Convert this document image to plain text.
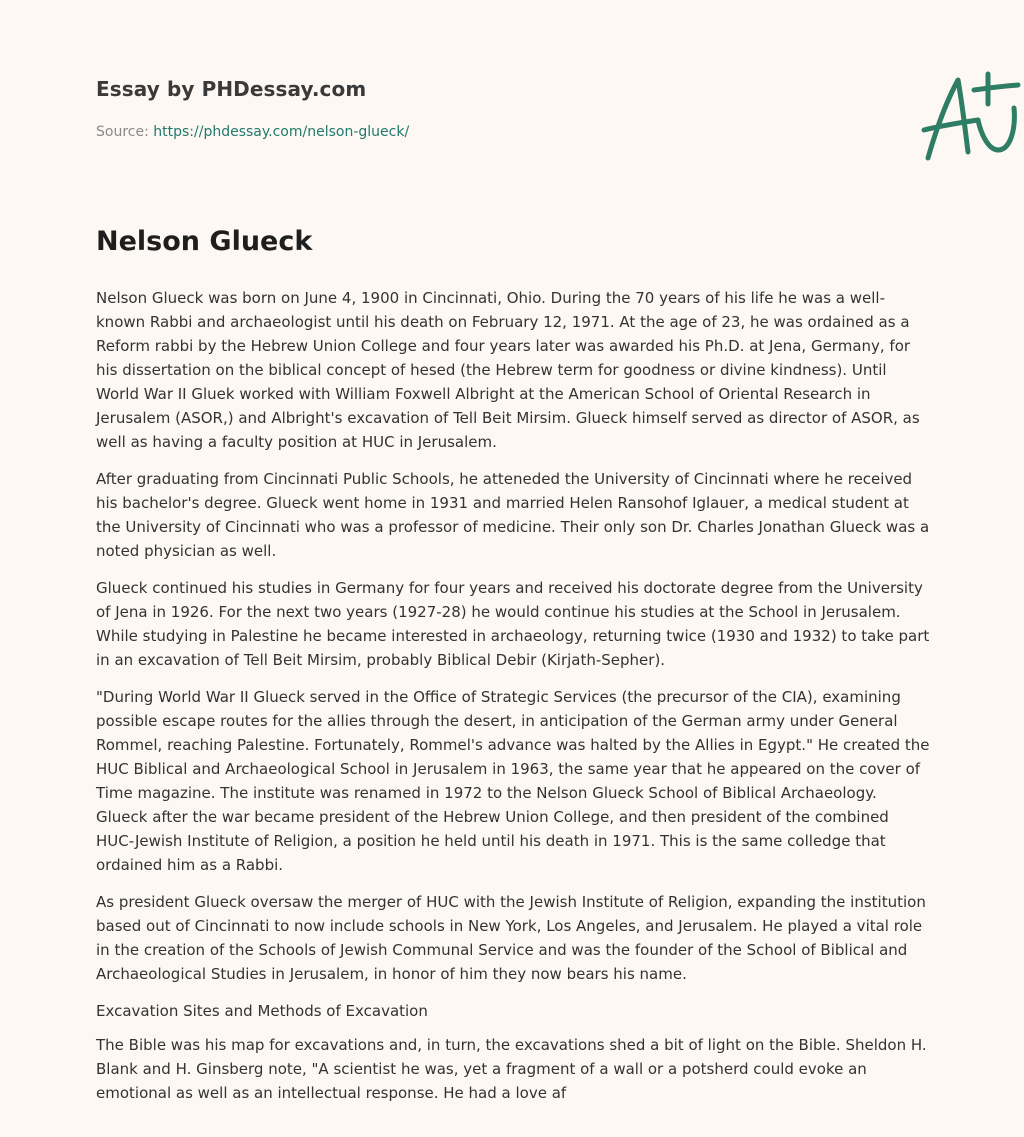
Essay by PHDessay.com
Source: https://phdessay.com/nelson-glueck/
Nelson Glueck

Nelson Glueck was born on June 4, 1900 in Cincinnati, Ohio. During the 70 years of his life he was a well-known Rabbi and archaeologist until his death on February 12, 1971. At the age of 23, he was ordained as a Reform rabbi by the Hebrew Union College and four years later was awarded his Ph.D. at Jena, Germany, for his dissertation on the biblical concept of hesed (the Hebrew term for goodness or divine kindness). Until World War II Gluek worked with William Foxwell Albright at the American School of Oriental Research in Jerusalem (ASOR,) and Albright's excavation of Tell Beit Mirsim. Glueck himself served as director of ASOR, as well as having a faculty position at HUC in Jerusalem.

After graduating from Cincinnati Public Schools, he atteneded the University of Cincinnati where he received his bachelor's degree. Glueck went home in 1931 and married Helen Ransohof Iglauer, a medical student at the University of Cincinnati who was a professor of medicine. Their only son Dr. Charles Jonathan Glueck was a noted physician as well.

Glueck continued his studies in Germany for four years and received his doctorate degree from the University of Jena in 1926. For the next two years (1927-28) he would continue his studies at the School in Jerusalem. While studying in Palestine he became interested in archaeology, returning twice (1930 and 1932) to take part in an excavation of Tell Beit Mirsim, probably Biblical Debir (Kirjath-Sepher).

"During World War II Glueck served in the Office of Strategic Services (the precursor of the CIA), examining possible escape routes for the allies through the desert, in anticipation of the German army under General Rommel, reaching Palestine. Fortunately, Rommel's advance was halted by the Allies in Egypt." He created the HUC Biblical and Archaeological School in Jerusalem in 1963, the same year that he appeared on the cover of Time magazine. The institute was renamed in 1972 to the Nelson Glueck School of Biblical Archaeology. Glueck after the war became president of the Hebrew Union College, and then president of the combined HUC-Jewish Institute of Religion, a position he held until his death in 1971. This is the same colledge that ordained him as a Rabbi.

As president Glueck oversaw the merger of HUC with the Jewish Institute of Religion, expanding the institution based out of Cincinnati to now include schools in New York, Los Angeles, and Jerusalem. He played a vital role in the creation of the Schools of Jewish Communal Service and was the founder of the School of Biblical and Archaeological Studies in Jerusalem, in honor of him they now bears his name.

Excavation Sites and Methods of Excavation

The Bible was his map for excavations and, in turn, the excavations shed a bit of light on the Bible. Sheldon H. Blank and H. Ginsberg note, "A scientist he was, yet a fragment of a wall or a potsherd could evoke an emotional as well as an intellectual response. He had a love af
